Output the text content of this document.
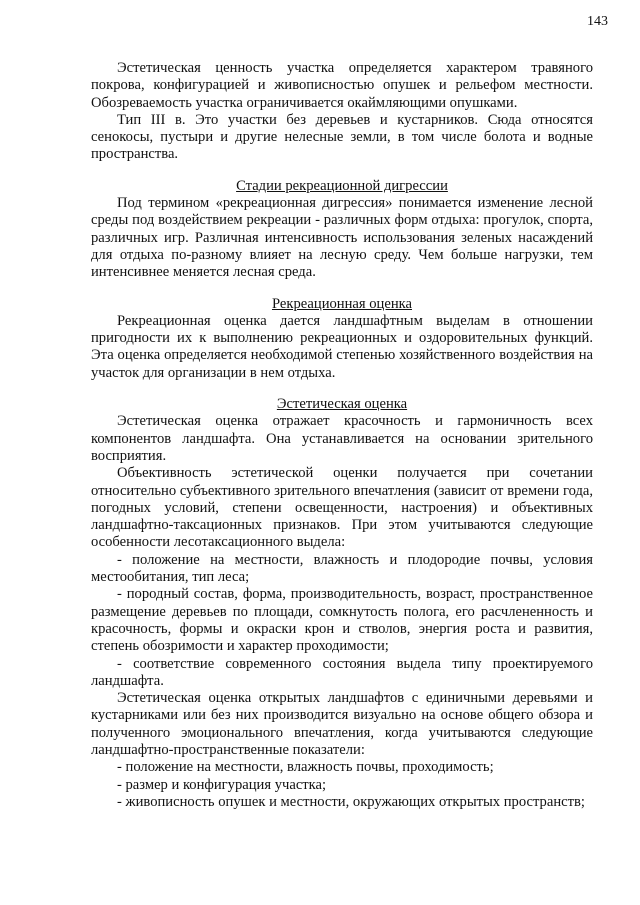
143

Эстетическая ценность участка определяется характером травяного покрова, конфигурацией и живописностью опушек и рельефом местности. Обозреваемость участка ограничивается окаймляющими опушками.

Тип III в. Это участки без деревьев и кустарников. Сюда относятся сенокосы, пустыри и другие нелесные земли, в том числе болота и водные пространства.

Стадии рекреационной дигрессии

Под термином «рекреационная дигрессия» понимается изменение лесной среды под воздействием рекреации - различных форм отдыха: прогулок, спорта, различных игр. Различная интенсивность использования зеленых насаждений для отдыха по-разному влияет на лесную среду. Чем больше нагрузки, тем интенсивнее меняется лесная среда.

Рекреационная оценка

Рекреационная оценка дается ландшафтным выделам в отношении пригодности их к выполнению рекреационных и оздоровительных функций. Эта оценка определяется необходимой степенью хозяйственного воздействия на участок для организации в нем отдыха.

Эстетическая оценка

Эстетическая оценка отражает красочность и гармоничность всех компонентов ландшафта. Она устанавливается на основании зрительного восприятия.

Объективность эстетической оценки получается при сочетании относительно субъективного зрительного впечатления (зависит от времени года, погодных условий, степени освещенности, настроения) и объективных ландшафтно-таксационных признаков. При этом учитываются следующие особенности лесотаксационного выдела:

- положение на местности, влажность и плодородие почвы, условия местообитания, тип леса;

- породный состав, форма, производительность, возраст, пространственное размещение деревьев по площади, сомкнутость полога, его расчлененность и красочность, формы и окраски крон и стволов, энергия роста и развития, степень обозримости и характер проходимости;

- соответствие современного состояния выдела типу проектируемого ландшафта.

Эстетическая оценка открытых ландшафтов с единичными деревьями и кустарниками или без них производится визуально на основе общего обзора и полученного эмоционального впечатления, когда учитываются следующие ландшафтно-пространственные показатели:

- положение на местности, влажность почвы, проходимость;

- размер и конфигурация участка;

- живописность опушек и местности, окружающих открытых пространств;
